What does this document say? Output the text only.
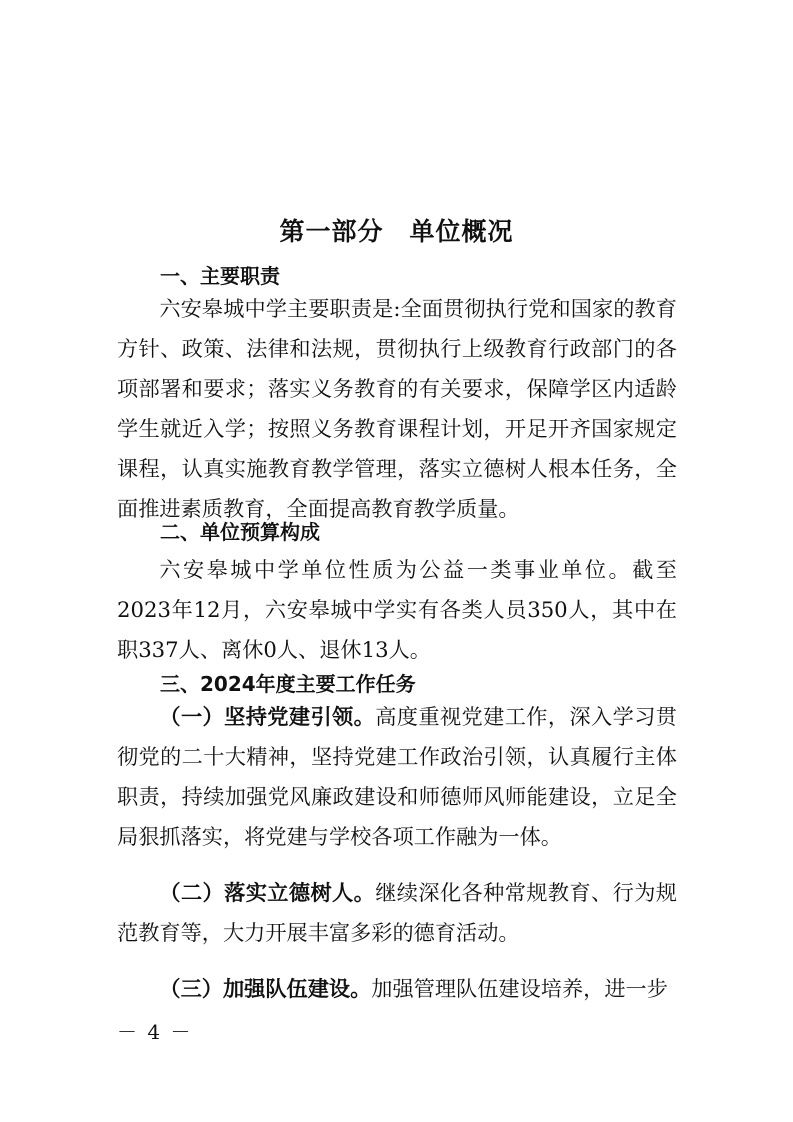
第一部分　单位概况
一、主要职责

六安皋城中学主要职责是:全面贯彻执行党和国家的教育方针、政策、法律和法规，贯彻执行上级教育行政部门的各项部署和要求；落实义务教育的有关要求，保障学区内适龄学生就近入学；按照义务教育课程计划，开足开齐国家规定课程，认真实施教育教学管理，落实立德树人根本任务，全面推进素质教育，全面提高教育教学质量。

二、单位预算构成

六安皋城中学单位性质为公益一类事业单位。截至2023年12月，六安皋城中学实有各类人员350人，其中在职337人、离休0人、退休13人。

三、2024年度主要工作任务

（一）坚持党建引领。高度重视党建工作，深入学习贯彻党的二十大精神，坚持党建工作政治引领，认真履行主体职责，持续加强党风廉政建设和师德师风师能建设，立足全局狠抓落实，将党建与学校各项工作融为一体。

（二）落实立德树人。继续深化各种常规教育、行为规范教育等，大力开展丰富多彩的德育活动。

（三）加强队伍建设。加强管理队伍建设培养，进一步

－ 4 －
